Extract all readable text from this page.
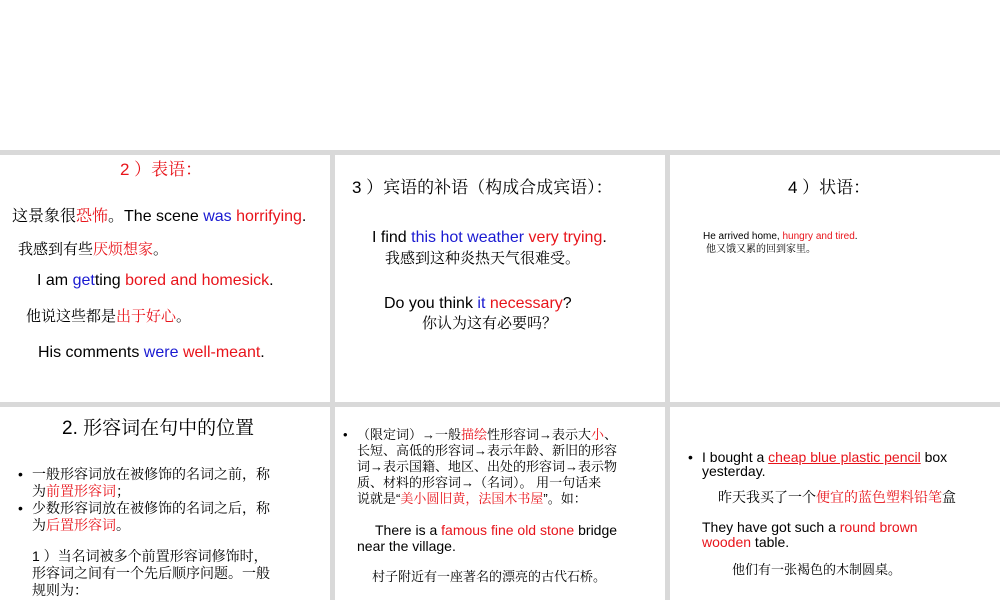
2 ）表语：
这景象很恐怖。The scene was horrifying.
我感到有些厌烦想家。
I am getting bored and homesick.
他说这些都是出于好心。
His comments were well-meant.
3 ）宾语的补语（构成合成宾语）：
I find this hot weather very trying.
我感到这种炎热天气很难受。
Do you think it necessary?
你认为这有必要吗？
4 ）状语：
He arrived home, hungry and tired.
他又饿又累的回到家里。
2. 形容词在句中的位置
• 一般形容词放在被修饰的名词之前，称
为前置形容词；
• 少数形容词放在被修饰的名词之后，称
为后置形容词。
1 ）当名词被多个前置形容词修饰时，
形容词之间有一个先后顺序问题。一般
规则为：
• （限定词）→一般描绘性形容词→表示大小、
长短、高低的形容词→表示年龄、新旧的形容
词→表示国籍、地区、出处的形容词→表示物
质、材料的形容词→（名词）。 用一句话来
说就是“美小圆旧黄，法国木书屋”。如：
There is a famous fine old stone bridge
near the village.
村子附近有一座著名的漂亮的古代石桥。
• I bought a cheap blue plastic pencil box
yesterday.
昨天我买了一个便宜的蓝色塑料铅笔盒
They have got such a round brown
wooden table.
他们有一张褐色的木制圆桌。
